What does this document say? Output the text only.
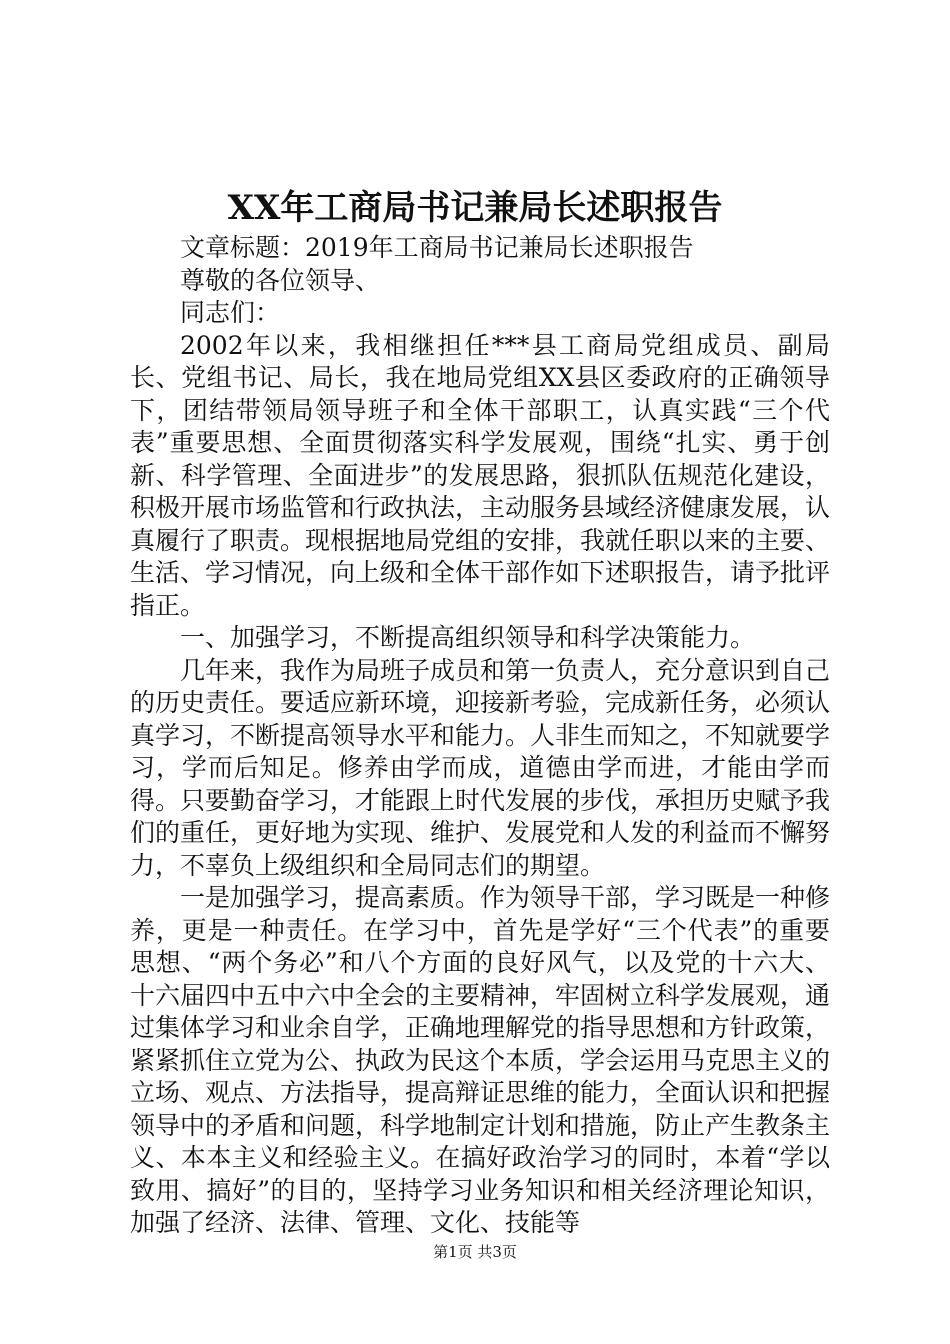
XX年工商局书记兼局长述职报告

文章标题：2019年工商局书记兼局长述职报告

尊敬的各位领导、

同志们：

2002年以来，我相继担任***县工商局党组成员、副局长、党组书记、局长，我在地局党组XX县区委政府的正确领导下，团结带领局领导班子和全体干部职工，认真实践“三个代表”重要思想、全面贯彻落实科学发展观，围绕“扎实、勇于创新、科学管理、全面进步”的发展思路，狠抓队伍规范化建设，积极开展市场监管和行政执法，主动服务县域经济健康发展，认真履行了职责。现根据地局党组的安排，我就任职以来的主要、生活、学习情况，向上级和全体干部作如下述职报告，请予批评指正。

一、加强学习，不断提高组织领导和科学决策能力。

几年来，我作为局班子成员和第一负责人，充分意识到自己的历史责任。要适应新环境，迎接新考验，完成新任务，必须认真学习，不断提高领导水平和能力。人非生而知之，不知就要学习，学而后知足。修养由学而成，道德由学而进，才能由学而得。只要勤奋学习，才能跟上时代发展的步伐，承担历史赋予我们的重任，更好地为实现、维护、发展党和人发的利益而不懈努力，不辜负上级组织和全局同志们的期望。

一是加强学习，提高素质。作为领导干部，学习既是一种修养，更是一种责任。在学习中，首先是学好“三个代表”的重要思想、“两个务必”和八个方面的良好风气，以及党的十六大、十六届四中五中六中全会的主要精神，牢固树立科学发展观，通过集体学习和业余自学，正确地理解党的指导思想和方针政策，紧紧抓住立党为公、执政为民这个本质，学会运用马克思主义的立场、观点、方法指导，提高辩证思维的能力，全面认识和把握领导中的矛盾和问题，科学地制定计划和措施，防止产生教条主义、本本主义和经验主义。在搞好政治学习的同时，本着“学以致用、搞好”的目的，坚持学习业务知识和相关经济理论知识，加强了经济、法律、管理、文化、技能等

第1页 共3页
